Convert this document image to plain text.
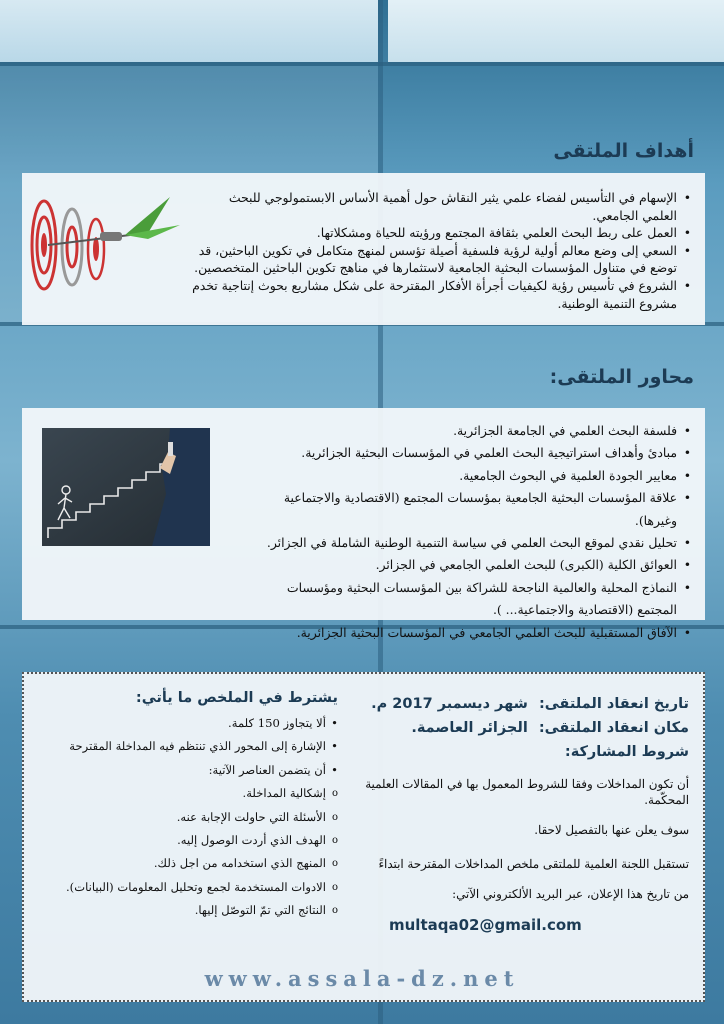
أهداف الملتقى
• الإسهام في التأسيس لفضاء علمي يثير النقاش حول أهمية الأساس الابستمولوجي للبحث العلمي الجامعي.
• العمل على ربط البحث العلمي بثقافة المجتمع ورؤيته للحياة ومشكلاتها.
• السعي إلى وضع معالم أولية لرؤية فلسفية أصيلة تؤسس لمنهج متكامل في تكوين الباحثين، قد توضع في متناول المؤسسات البحثية الجامعية لاستثمارها في مناهج تكوين الباحثين المتخصصين.
• الشروع في تأسيس رؤية لكيفيات أجرأة الأفكار المقترحة على شكل مشاريع بحوث إنتاجية تخدم مشروع التنمية الوطنية.
محاور الملتقى:
• فلسفة البحث العلمي في الجامعة الجزائرية.
• مبادئ وأهداف استراتيجية البحث العلمي في المؤسسات البحثية الجزائرية.
• معايير الجودة العلمية في البحوث الجامعية.
• علاقة المؤسسات البحثية الجامعية بمؤسسات المجتمع (الاقتصادية والاجتماعية وغيرها).
• تحليل نقدي لموقع البحث العلمي في سياسة التنمية الوطنية الشاملة في الجزائر.
• العوائق الكلية (الكبرى) للبحث العلمي الجامعي في الجزائر.
• النماذج المحلية والعالمية الناجحة للشراكة بين المؤسسات البحثية ومؤسسات المجتمع (الاقتصادية والاجتماعية... ).
• الآفاق المستقبلية للبحث العلمي الجامعي في المؤسسات البحثية الجزائرية.
تاريخ انعقاد الملتقى: شهر ديسمبر 2017 م.
مكان انعقاد الملتقى: الجزائر العاصمة.
شروط المشاركة:

أن تكون المداخلات وفقا للشروط المعمول بها في المقالات العلمية المحكّمة.

سوف يعلن عنها بالتفصيل لاحقا.

تستقبل اللجنة العلمية للملتقى ملخص المداخلات المقترحة ابتداءً

من تاريخ هذا الإعلان، عبر البريد الألكتروني الآتي:

multaqa02@gmail.com
يشترط في الملخص ما يأتي:
• ألا يتجاوز 150 كلمة.
• الإشارة إلى المحور الذي تنتظم فيه المداخلة المقترحة
• أن يتضمن العناصر الآتية:
o إشكالية المداخلة.
o الأسئلة التي حاولت الإجابة عنه.
o الهدف الذي أردت الوصول إليه.
o المنهج الذي استخدامه من اجل ذلك.
o الادوات المستخدمة لجمع وتحليل المعلومات (البيانات).
o النتائج التي تمّ التوصّل إليها.
www.assala-dz.net
